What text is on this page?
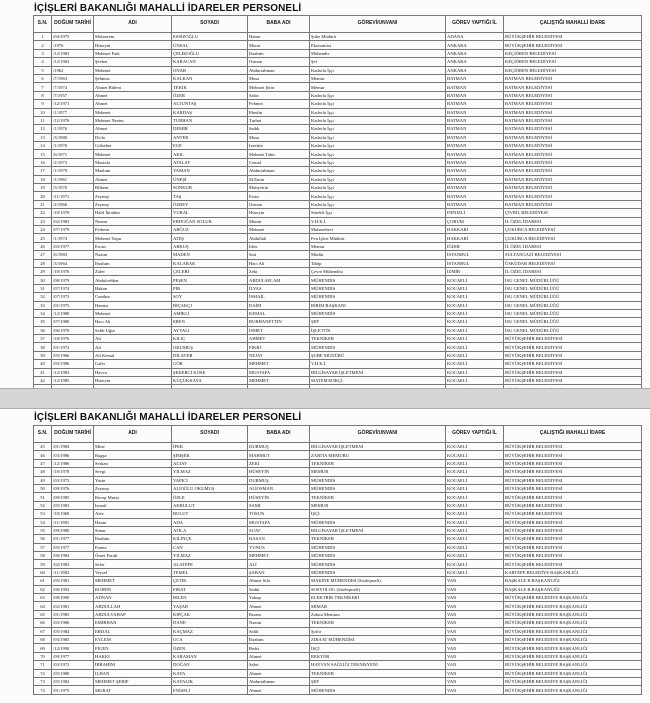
İÇİŞLERİ BAKANLIĞI MAHALLİ İDARELER PERSONELİ
S.N.	DOĞUM TARİHİ	ADI	SOYADI	BABA ADI	GÖREVİ/UNVANI	GÖREV YAPTIĞI İL	ÇALIŞTIĞI MAHALLİ İDARE
1	/04/1975	Muharrem	ESSİZOĞLU	Hasan	Şube Müdürü	ADANA	BÜYÜKŞEHİR BELEDİYESİ
2	/1976	Hüseyin	ÜNSAL	Murat	Ekonomist	ANKARA	BÜYÜKŞEHİR BELEDİYESİ
3	/12/1983	Mehmet Faik	ÇELİKOĞLU	İbrahim	Mühendis	ANKARA	KEÇİÖREN BELEDİYESİ
4	/12/1963	Şevket	KARACAN	Osman	Şef	ANKARA	KEÇİÖREN BELEDİYESİ
5	/1962	Mehmet	ONAR	Abdurrahman	Kadrolu İşçi	ANKARA	KEÇİÖREN BELEDİYESİ
6	/7/1963	Şehmus	KALKAN	Musa	Memur	BATMAN	BATMAN BELEDİYESİ
7	/7/1974	Ahmet Bülent	TEKİK	Mehmet Şirin	Memur	BATMAN	BATMAN BELEDİYESİ
8	/7/1957	Ahmet	ÖZER	Sabri	Kadrolu İşçi	BATMAN	BATMAN BELEDİYESİ
9	/12/1971	Ahmet	ALTUNTAŞ	Fehmet	Kadrolu İşçi	BATMAN	BATMAN BELEDİYESİ
10	/1/1977	Mehmet	KARDAŞ	Ebedin	Kadrolu İşçi	BATMAN	BATMAN BELEDİYESİ
11	/12/1976	Mehmet Nezim	TURHAN	Turhat	Kadrolu İşçi	BATMAN	BATMAN BELEDİYESİ
12	/1/1976	Ahmet	DEMİR	Sadık	Kadrolu İşçi	BATMAN	BATMAN BELEDİYESİ
13	/3/1980	Diclo	ANTER	Musa	Kadrolu İşçi	BATMAN	BATMAN BELEDİYESİ
14	/1/1970	Gülseher	EGE	İzzettin	Kadrolu İşçi	BATMAN	BATMAN BELEDİYESİ
15	/6/1971	Mehmet	AKIL	Mehmet Tahir	Kadrolu İşçi	BATMAN	BATMAN BELEDİYESİ
16	/2/1973	Mustafa	ATALAY	Cemal	Kadrolu İşçi	BATMAN	BATMAN BELEDİYESİ
17	/1/1979	Mazlum	YAMAN	Abdurrahman	Kadrolu İşçi	BATMAN	BATMAN BELEDİYESİ
18	/1/1961	Ahmet	ÜNEŞİ	M.Emin	Kadrolu İşçi	BATMAN	BATMAN BELEDİYESİ
19	/5/1970	Bilkent	SONKUR	Muhyettin	Kadrolu İşçi	BATMAN	BATMAN BELEDİYESİ
20	/11/1971	Zeynep	TAŞ	Ersin	Kadrolu İşçi	BATMAN	BATMAN BELEDİYESİ
21	/2/1966	Zeynep	ÖZBEY	Osman	Kadrolu İşçi	BATMAN	BATMAN BELEDİYESİ
22	/10/1970	Halil İbrahim	VURAL	Hüseyin	Sürekli İşçi	DENİZLİ	ÇİVRİL BELEDİYESİ
23	/02/1983	Nezmi	ERDOĞAN SOLUK	Münür	V.H.K.İ.	ÇORUM	İL ÖZEL İDARESİ
24	/07/1979	Ferhem	ARĞUZ	Mehmet	Muhasebeci	HAKKARİ	ÇUKURCA BELEDİYESİ
25	/1/1974	Mehmet Yaşar	ATEŞ	Abdullah	Fen İşleri Müdürü	HAKKARİ	ÇUKURCA BELEDİYESİ
26	/03/1977	Ercan	ARKUŞ	İdris	Memur	IĞDIR	İL ÖZEL İDARESİ
27	/6/1983	Nazım	MADEN	Sait	Müdür	İSTANBUL	SULTANGAZİ BELEDİYESİ
28	/3/1964	İbrahim	KALABAK	Hacı Ali	Tabip	İSTANBUL	ÜSKÜDAR BELEDİYESİ
29	/10/1976	Zafer	ÇELEBİ	Zeki	Çevre Mühendisi	İZMİR	İL ÖZEL İDARESİ
30	/08/1979	Abdulcebbar	PEŞEN	ABDULSELAM	MÜHENDİS	KOCAELİ	İSU GENEL MÜDÜRLÜĞÜ
31	/07/1974	Hakan	PİR	İLYAS	MÜHENDİS	KOCAELİ	İSU GENEL MÜDÜRLÜĞÜ
32	/07/1973	Cumhur	SOY	İSMAİL	MÜHENDİS	KOCAELİ	İSU GENEL MÜDÜRLÜĞÜ
33	/01/1975	Hamza	BIÇAKÇI	DAİM	BİRİM BAŞKANI	KOCAELİ	İSU GENEL MÜDÜRLÜĞÜ
34	/12/1980	Mehmet	AMİKLİ	KEMAL	MÜHENDİS	KOCAELİ	İSU GENEL MÜDÜRLÜĞÜ
35	/07/1980	Hacı Ali	EREN	BURHANETTİN	ŞEF	KOCAELİ	İSU GENEL MÜDÜRLÜĞÜ
36	/06/1970	Salih Uğur	AYVALI	İSMET	İŞLETTİS	KOCAELİ	İSU GENEL MÜDÜRLÜĞÜ
37	/10/1976	Ali	KILIÇ	AHMET	TEKNİKER	KOCAELİ	BÜYÜKŞEHİR BELEDİYESİ
38	/01/1972	Ali	OKUMUŞ	FİKRİ	MÜHENDİS	KOCAELİ	BÜYÜKŞEHİR BELEDİYESİ
39	/05/1966	Ali Kemal	DİLAVER	NEJAT	ŞUBE MÜDÜRÜ	KOCAELİ	BÜYÜKŞEHİR BELEDİYESİ
40	/03/1986	Cafer	GÖR	MEHMET	V.H.K.İ.	KOCAELİ	BÜYÜKŞEHİR BELEDİYESİ
41	/12/1983	Havva	ŞEKERCİ KÖSE	MUSTAFA	BİLGİSAYAR İŞLETMENİ	KOCAELİ	BÜYÜKŞEHİR BELEDİYESİ
42	/12/1985	Hüseyin	KÜÇÜKKAYA	MEHMET	MATEMATİKÇİ	KOCAELİ	BÜYÜKŞEHİR BELEDİYESİ

İÇİŞLERİ BAKANLIĞI MAHALLİ İDARELER PERSONELİ
S.N.	DOĞUM TARİHİ	ADI	SOYADI	BABA ADI	GÖREVİ/UNVANI	GÖREV YAPTIĞI İL	ÇALIŞTIĞI MAHALLİ İDARE
45	/01/1984	Mine	İPEK	DURMUŞ	BİLGİSAYAR İŞLETMENİ	KOCAELİ	BÜYÜKŞEHİR BELEDİYESİ
46	/03/1986	Rugşa	ŞİMŞEK	MAHMUT	ZABITA MEMURU	KOCAELİ	BÜYÜKŞEHİR BELEDİYESİ
47	/12/1986	Serkan	ALTAY	ZEKİ	TEKNİKER	KOCAELİ	BÜYÜKŞEHİR BELEDİYESİ
48	/10/1978	Sevgi	YILMAZ	HÜSEYİN	MEMUR	KOCAELİ	BÜYÜKŞEHİR BELEDİYESİ
49	/03/1973	Yasin	YAPICI	DURMUŞ	MÜHENDİS	KOCAELİ	BÜYÜKŞEHİR BELEDİYESİ
50	/09/1976	Zeynep	ALİOĞLU OKUMUŞ	ALİOSMAN	MÜHENDİS	KOCAELİ	BÜYÜKŞEHİR BELEDİYESİ
51	/09/1985	Recep Murat	ÖZLE	HÜSEYİN	TEKNİKER	KOCAELİ	BÜYÜKŞEHİR BELEDİYESİ
52	/05/1983	İsmail	AKBULUT	SAMİ	MEMUR	KOCAELİ	BÜYÜKŞEHİR BELEDİYESİ
53	/10/1968	Alev	BULUT	TOSUN	İŞÇİ	KOCAELİ	BÜYÜKŞEHİR BELEDİYESİ
54	/11/1981	Hasan	ADA	MUSTAFA	MÜHENDİS	KOCAELİ	BÜYÜKŞEHİR BELEDİYESİ
55	/09/1980	Sonar	ATİLA	SUAT	BİLGİSAYAR İŞLETMENİ	KOCAELİ	BÜYÜKŞEHİR BELEDİYESİ
56	/01/1977	İbrahim	KILINÇE	HASAN	TEKNİKER	KOCAELİ	BÜYÜKŞEHİR BELEDİYESİ
57	/05/1977	Fatma	CAN	YUNUS	MÜHENDİS	KOCAELİ	BÜYÜKŞEHİR BELEDİYESİ
58	/06/1984	Ömer Faruk	YILMAZ	MEHMET	MÜHENDİS	KOCAELİ	BÜYÜKŞEHİR BELEDİYESİ
59	/02/1983	Sefer	ALATEPE	ALİ	MÜHENDİS	KOCAELİ	BÜYÜKŞEHİR BELEDİYESİ
60	/11/1982	Veysel	TEMEL	ŞABAN	MÜHENDİS	KOCAELİ	KARTEPE BELEDİYE BAŞKANLIĞI
61	/05/1981	MEHMET	ÇETİK	Ahmet Sifa	MAKİNE MÜHENDİSİ (Sözleşmeli)	VAN	BAŞKALE B.BAŞKANLIĞI
62	/06/1992	ROJBİN	FIRAT	Sadık	SOSYOLOG (Sözleşmeli)	VAN	BAŞKALE B.BAŞKANLIĞI
63	/08/1990	ADNAN	BİLEN	Yakup	ELEKTRİK TEKNİKERİ	VAN	BÜYÜKŞEHİR BELEDİYE BAŞKANLIĞI
64	/02/1981	ABDULLAH	YAŞAR	Ahmet	MİMAR	VAN	BÜYÜKŞEHİR BELEDİYE BAŞKANLIĞI
65	/01/1985	ABDULVAHAP	KIPÇAK	Rızam	Zabıta Memuru	VAN	BÜYÜKŞEHİR BELEDİYE BAŞKANLIĞI
66	/03/1986	EMİRHAN	DANE	Nazım	TEKNİKER	VAN	BÜYÜKŞEHİR BELEDİYE BAŞKANLIĞI
67	/05/1984	ERDAL	KAÇMAZ	Salih	Şoför	VAN	BÜYÜKŞEHİR BELEDİYE BAŞKANLIĞI
68	/03/1985	EYLEM	UCA	İbrahim	ZİRAAT MÜHENDİSİ	VAN	BÜYÜKŞEHİR BELEDİYE BAŞKANLIĞI
69	/12/1990	FİGEN	ÖZEN	Bedri	İŞÇİ	VAN	BÜYÜKŞEHİR BELEDİYE BAŞKANLIĞI
70	/09/1977	HAKKI	KARAMAN	Ahmet	REKTÖR	VAN	BÜYÜKŞEHİR BELEDİYE BAŞKANLIĞI
71	/03/1972	İBRAHİM	DOĞAN	Sabri	HAYVAN SAĞLIĞI TEKNİSYENİ	VAN	BÜYÜKŞEHİR BELEDİYE BAŞKANLIĞI
72	/05/1980	İLHAN	KAYA	Ahmet	TEKNİKER	VAN	BÜYÜKŞEHİR BELEDİYE BAŞKANLIĞI
73	/05/1982	MEHMET ŞERİF	KAYALIK	Abdurrahman	ŞEF	VAN	BÜYÜKŞEHİR BELEDİYE BAŞKANLIĞI
74	/01/1975	MURAT	ENİSELİ	Ahmet	MÜHENDİS	VAN	BÜYÜKŞEHİR BELEDİYE BAŞKANLIĞI
